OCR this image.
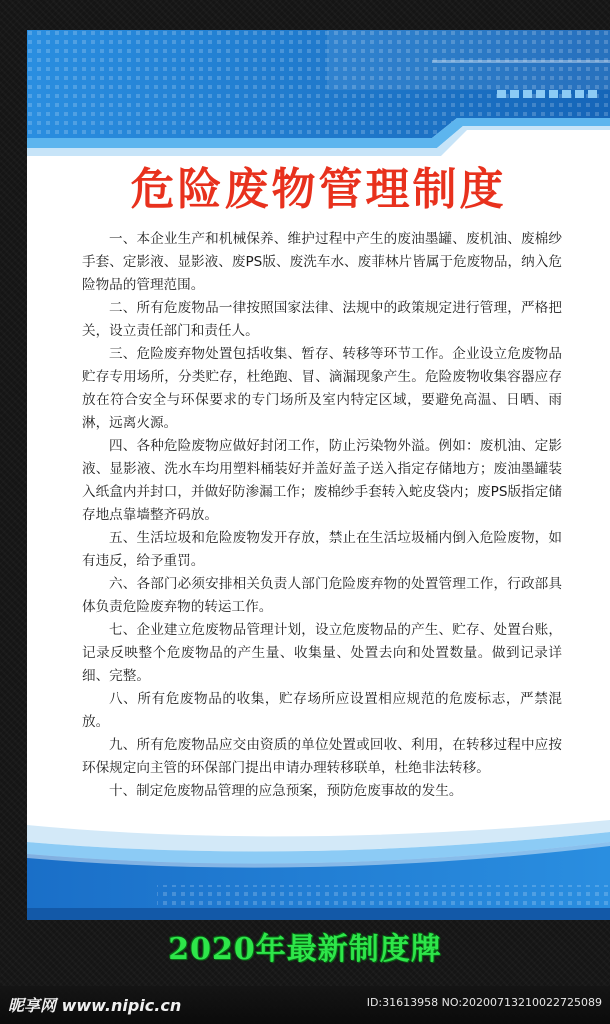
危险废物管理制度

一、本企业生产和机械保养、维护过程中产生的废油墨罐、废机油、废棉纱手套、定影液、显影液、废PS版、废洗车水、废菲林片皆属于危废物品，纳入危险物品的管理范围。

二、所有危废物品一律按照国家法律、法规中的政策规定进行管理，严格把关，设立责任部门和责任人。

三、危险废弃物处置包括收集、暂存、转移等环节工作。企业设立危废物品贮存专用场所，分类贮存，杜绝跑、冒、滴漏现象产生。危险废物收集容器应存放在符合安全与环保要求的专门场所及室内特定区域，要避免高温、日晒、雨淋，远离火源。

四、各种危险废物应做好封闭工作，防止污染物外溢。例如：废机油、定影液、显影液、洗水车均用塑料桶装好并盖好盖子送入指定存储地方；废油墨罐装入纸盒内并封口，并做好防渗漏工作；废棉纱手套转入蛇皮袋内；废PS版指定储存地点靠墙整齐码放。

五、生活垃圾和危险废物发开存放，禁止在生活垃圾桶内倒入危险废物，如有违反，给予重罚。

六、各部门必须安排相关负责人部门危险废弃物的处置管理工作，行政部具体负责危险废弃物的转运工作。

七、企业建立危废物品管理计划，设立危废物品的产生、贮存、处置台账，记录反映整个危废物品的产生量、收集量、处置去向和处置数量。做到记录详细、完整。

八、所有危废物品的收集，贮存场所应设置相应规范的危废标志，严禁混放。

九、所有危废物品应交由资质的单位处置或回收、利用，在转移过程中应按环保规定向主管的环保部门提出申请办理转移联单，杜绝非法转移。

十、制定危废物品管理的应急预案，预防危废事故的发生。

2020年最新制度牌
昵享网 www.nipic.cn	ID:31613958 NO:20200713210022725089
